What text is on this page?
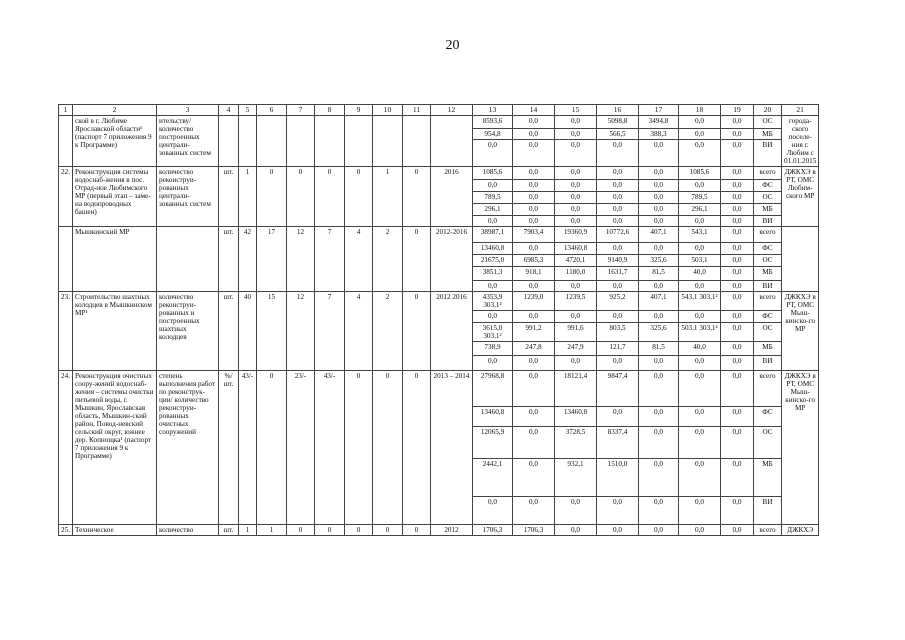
20
1	2	3	4	5	6	7	8	9	10	11	12	13	14	15	16	17	18	19	20	21
	ской в г. Любиме Ярославской области¹ (паспорт 7 приложения 9 к Программе)	ительству/ количество построенных централи-зованных систем										8593,6	0,0	0,0	5098,8	3494,8	0,0	0,0	ОС	города-ского поселе-ния г. Любим с 01.01.2015
												954,8	0,0	0,0	566,5	388,3	0,0	0,0	МБ	
												0,0	0,0	0,0	0,0	0,0	0,0	0,0	ВИ	
22.	Реконструкция системы водоснаб-жения в пос. Отрад-ное Любимского МР (первый этап – заме-на водопроводных башен)	количество реконструи-рованных централи-зованных систем	шт.	1	0	0	0	0	1	0	2016	1085,6	0,0	0,0	0,0	0,0	1085,6	0,0	всего	ДЖКХЭ в РТ, ОМС Любим-ского МР
												0,0	0,0	0,0	0,0	0,0	0,0	0,0	ФС	
												789,5	0,0	0,0	0,0	0,0	789,5	0,0	ОС	
												296,1	0,0	0,0	0,0	0,0	296,1	0,0	МБ	
												0,0	0,0	0,0	0,0	0,0	0,0	0,0	ВИ	
	Мышкинский МР		шт.	42	17	12	7	4	2	0	2012-2016	38987,1	7903,4	19360,9	10772,6	407,1	543,1	0,0	всего	
												13460,8	0,0	13460,8	0,0	0,0	0,0	0,0	ФС	
												21675,0	6985,3	4720,1	9140,9	325,6	503,1	0,0	ОС	
												3851,3	918,1	1180,0	1631,7	81,5	40,0	0,0	МБ	
												0,0	0,0	0,0	0,0	0,0	0,0	0,0	ВИ	
23.	Строительство шахтных колодцев в Мышкинском МР¹	количество реконструи-рованных и построенных шахтных колодцев	шт.	40	15	12	7	4	2	0	2012 2016	4353,9 303,1²	1239,0	1239,5	925,2	407,1	543,1 303,1²	0,0	всего	ДЖКХЭ в РТ, ОМС Мыш-кинско-го МР
												0,0	0,0	0,0	0,0	0,0	0,0	0,0	ФС	
												3615,0 303,1²	991,2	991,6	803,5	325,6	503,1 303,1²	0,0	ОС	
												738,9	247,8	247,9	121,7	81,5	40,0	0,0	МБ	
												0,0	0,0	0,0	0,0	0,0	0,0	0,0	ВИ	
24.	Реконструкция очистных соору-жений водоснаб-жения – системы очистки питьевой воды, г. Мышкин, Ярославская область, Мышкин-ский район, Повод-невский сельский округ, южнее дер. Копнощка¹ (паспорт 7 приложения 9 к Программе)	степень выполнения работ по реконструк-ции/ количество реконструи-рованных очистных сооружений	%/ шт.	43/-	0	23/-	43/-	0	0	0	2013 – 2014	27968,8	0,0	18121,4	9847,4	0,0	0,0	0,0	всего	ДЖКХЭ в РТ, ОМС Мыш-кинско-го МР
												13460,8	0,0	13460,8	0,0	0,0	0,0	0,0	ФС	
												12065,9	0,0	3728,5	8337,4	0,0	0,0	0,0	ОС	
												2442,1	0,0	932,1	1510,0	0,0	0,0	0,0	МБ	
												0,0	0,0	0,0	0,0	0,0	0,0	0,0	ВИ	
25.	Техническое	количество	шт.	1	1	0	0	0	0	0	2012	1706,3	1706,3	0,0	0,0	0,0	0,0	0,0	всего	ДЖКХЭ
